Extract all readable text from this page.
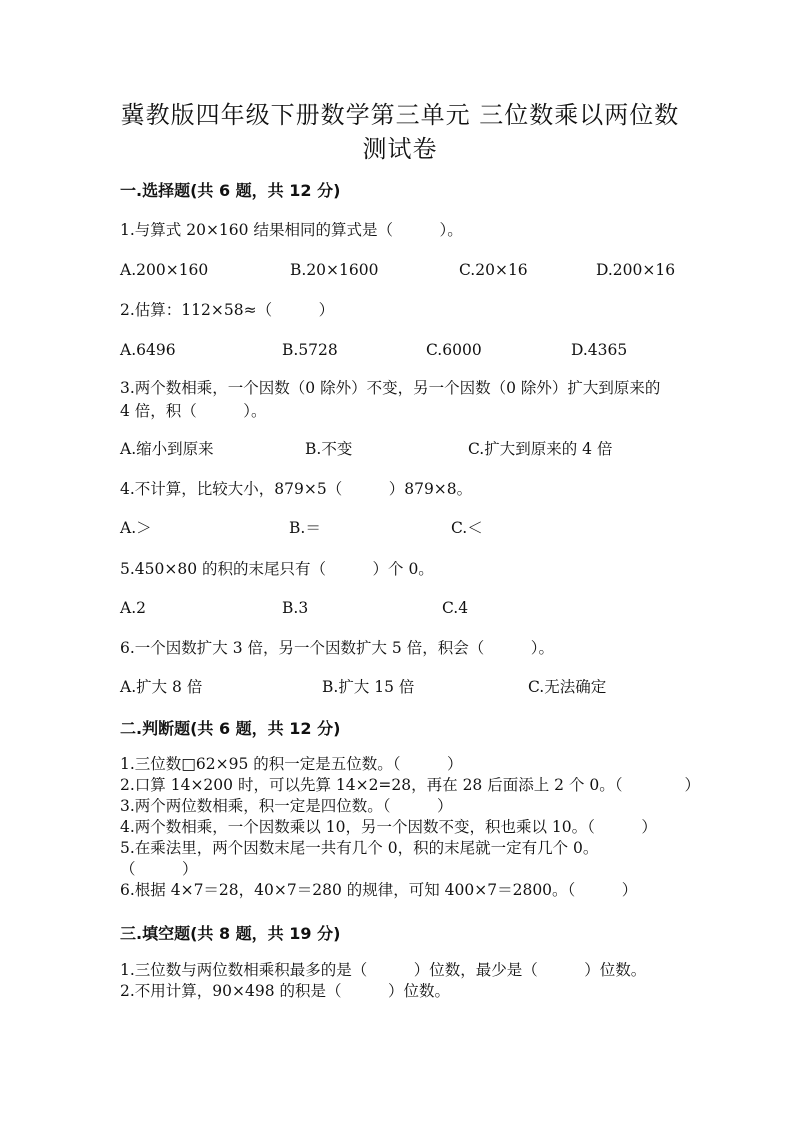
冀教版四年级下册数学第三单元 三位数乘以两位数
测试卷
一.选择题(共 6 题，共 12 分)
1.与算式 20×160 结果相同的算式是（　　　）。
A.200×160	B.20×1600	C.20×16	D.200×16
2.估算：112×58≈（　　　）
A.6496	B.5728	C.6000	D.4365
3.两个数相乘，一个因数（0 除外）不变，另一个因数（0 除外）扩大到原来的
4 倍，积（　　　）。
A.缩小到原来	B.不变	C.扩大到原来的 4 倍
4.不计算，比较大小，879×5（　　　）879×8。
A.＞	B.＝	C.＜
5.450×80 的积的末尾只有（　　　）个 0。
A.2	B.3	C.4
6.一个因数扩大 3 倍，另一个因数扩大 5 倍，积会（　　　）。
A.扩大 8 倍	B.扩大 15 倍	C.无法确定
二.判断题(共 6 题，共 12 分)
1.三位数□62×95 的积一定是五位数。（　　　）
2.口算 14×200 时，可以先算 14×2=28，再在 28 后面添上 2 个 0。（　　　　）
3.两个两位数相乘，积一定是四位数。（　　　）
4.两个数相乘，一个因数乘以 10，另一个因数不变，积也乘以 10。（　　　）
5.在乘法里，两个因数末尾一共有几个 0，积的末尾就一定有几个 0。
（　　　）
6.根据 4×7＝28，40×7＝280 的规律，可知 400×7＝2800。（　　　）
三.填空题(共 8 题，共 19 分)
1.三位数与两位数相乘积最多的是（　　　）位数，最少是（　　　）位数。
2.不用计算，90×498 的积是（　　　）位数。
